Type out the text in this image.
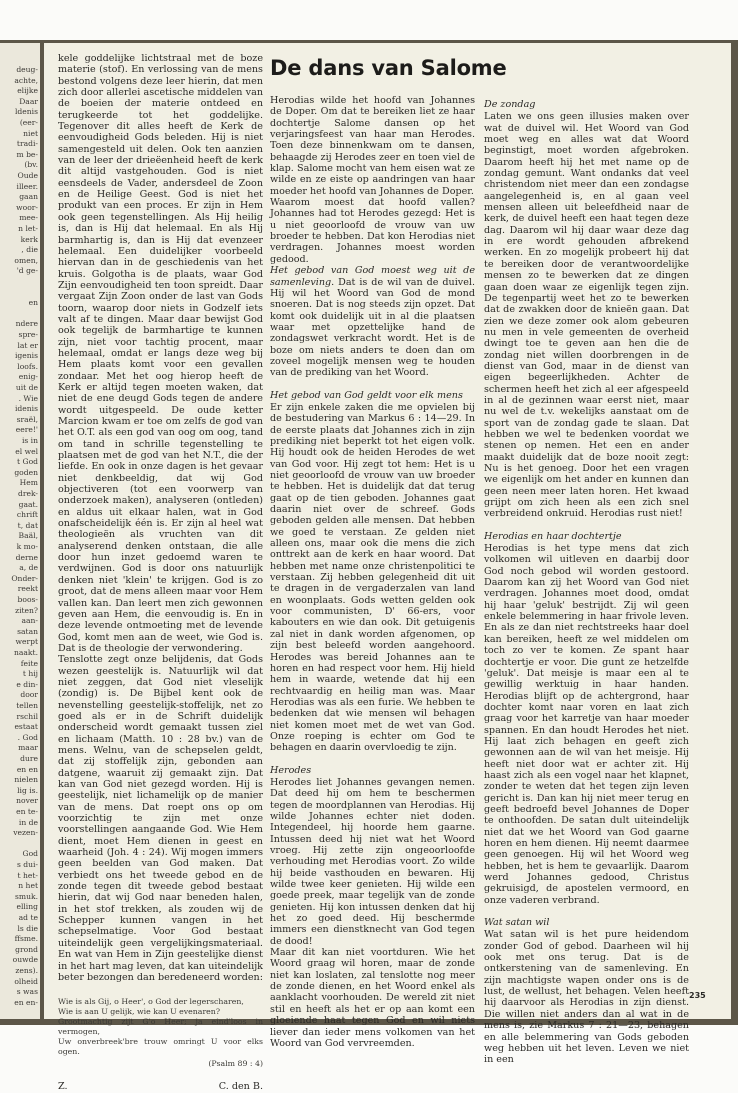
deug-
achte,
elijke
Daar
ldenis
(eer-
niet
tradi-
m be-
(bv.
Oude
illeer.
gaan
woor-
mee-
n let-
kerk
, die
omen,
'd ge-
en
ndere
spre-
lat er
igenis
loofs.
enig-
uit de
. Wie
idenis
sraël,
eere!'
is in
el wel
t God
goden
Hem
drek-
gaat.
chrift
t, dat
Baäl,
k mo-
derne
a, de
Onder-
reekt
boos-
ziten?
aan-
satan
werpt
naakt.
feite
t hij
e din-
door
tellen
rschil
estaat
. God
maar
dure
en en
nielen
lig is.
nover
en te-
in de
vezen-
God
s dui-
t het-
n het
smuk.
elling
ad te
ls die
ffsme.
grond
ouwde
zens).
olheid
s was
en en-

kele goddelijke lichtstraal met de boze materie (stof). En verlossing van de mens bestond volgens deze leer hierin, dat men zich door allerlei ascetische middelen van de boeien der materie ontdeed en terugkeerde tot het goddelijke. Tegenover dit alles heeft de Kerk de eenvoudigheid Gods beleden. Hij is niet samengesteld uit delen. Ook ten aanzien van de leer der drieëenheid heeft de kerk dit altijd vastgehouden. God is niet eensdeels de Vader, andersdeel de Zoon en de Heilige Geest. God is niet het produkt van een proces. Er zijn in Hem ook geen tegenstellingen. Als Hij heilig is, dan is Hij dat helemaal. En als Hij barmhartig is, dan is Hij dat evenzeer helemaal. Een duidelijker voorbeeld hiervan dan in de geschiedenis van het kruis. Golgotha is de plaats, waar God Zijn eenvoudigheid ten toon spreidt. Daar vergaat Zijn Zoon onder de last van Gods toorn, waarop door niets in Godzelf iets valt af te dingen. Maar daar bewijst God ook tegelijk de barmhartige te kunnen zijn, niet voor tachtig procent, maar helemaal, omdat er langs deze weg bij Hem plaats komt voor een gevallen zondaar. Met het oog hierop heeft de Kerk er altijd tegen moeten waken, dat niet de ene deugd Gods tegen de andere wordt uitgespeeld. De oude ketter Marcion kwam er toe om zelfs de god van het O.T. als een god van oog om oog, tand om tand in schrille tegenstelling te plaatsen met de god van het N.T., die der liefde. En ook in onze dagen is het gevaar niet denkbeeldig, dat wij God objectiveren (tot een voorwerp van onderzoek maken), analyseren (ontleden) en aldus uit elkaar halen, wat in God onafscheidelijk één is. Er zijn al heel wat theologieën als vruchten van dit analyserend denken ontstaan, die alle door hun inzet gedoemd waren te verdwijnen. God is door ons natuurlijk denken niet 'klein' te krijgen. God is zo groot, dat de mens alleen maar voor Hem vallen kan. Dan leert men zich gewonnen geven aan Hem, die eenvoudig is. En in deze levende ontmoeting met de levende God, komt men aan de weet, wie God is. Dat is de theologie der verwondering.

Tenslotte zegt onze belijdenis, dat Gods wezen geestelijk is. Natuurlijk wil dat niet zeggen, dat God niet vleselijk (zondig) is. De Bijbel kent ook de nevenstelling geestelijk-stoffelijk, net zo goed als er in de Schrift duidelijk onderscheid wordt gemaakt tussen ziel en lichaam (Matth. 10 : 28 bv.) van de mens. Welnu, van de schepselen geldt, dat zij stoffelijk zijn, gebonden aan datgene, waaruit zij gemaakt zijn. Dat kan van God niet gezegd worden. Hij is geestelijk, niet lichamelijk op de manier van de mens. Dat roept ons op om voorzichtig te zijn met onze voorstellingen aangaande God. Wie Hem dient, moet Hem dienen in geest en waarheid (Joh. 4 : 24). Wij mogen immers geen beelden van God maken. Dat verbiedt ons het tweede gebod en de zonde tegen dit tweede gebod bestaat hierin, dat wij God naar beneden halen, in het stof trekken, als zouden wij de Schepper kunnen vangen in het schepselmatige. Voor God bestaat uiteindelijk geen vergelijkingsmateriaal. En wat van Hem in Zijn geestelijke dienst in het hart mag leven, dat kan uiteindelijk beter bezongen dan beredeneerd worden:

Wie is als Gij, o Heer', o God der legerscharen,
Wie is aan U gelijk, wie kan U evenaren?
Grootmachtig zijt G'o Heer; ja eind'loos in vermogen,
Uw onverbreek'bre trouw omringt U voor elks ogen.
(Psalm 89 : 4)
Z.	C. den B.
De dans van Salome

Herodias wilde het hoofd van Johannes de Doper. Om dat te bereiken liet ze haar dochtertje Salome dansen op het verjaringsfeest van haar man Herodes. Toen deze binnenkwam om te dansen, behaagde zij Herodes zeer en toen viel de klap. Salome mocht van hem eisen wat ze wilde en ze eiste op aandringen van haar moeder het hoofd van Johannes de Doper.

Waarom moest dat hoofd vallen? Johannes had tot Herodes gezegd: Het is u niet geoorloofd de vrouw van uw broeder te hebben. Dat kon Herodias niet verdragen. Johannes moest worden gedood.

Het gebod van God moest weg uit de samenleving. Dat is de wil van de duivel. Hij wil het Woord van God de mond snoeren. Dat is nog steeds zijn opzet. Dat komt ook duidelijk uit in al die plaatsen waar met opzettelijke hand de zondagswet verkracht wordt. Het is de boze om niets anders te doen dan om zoveel mogelijk mensen weg te houden van de prediking van het Woord.

Het gebod van God geldt voor elk mens

Er zijn enkele zaken die me opvielen bij de bestudering van Markus 6 : 14—29. In de eerste plaats dat Johannes zich in zijn prediking niet beperkt tot het eigen volk. Hij houdt ook de heiden Herodes de wet van God voor. Hij zegt tot hem: Het is u niet geoorloofd de vrouw van uw broeder te hebben. Het is duidelijk dat dat terug gaat op de tien geboden. Johannes gaat daarin niet over de schreef. Gods geboden gelden alle mensen. Dat hebben we goed te verstaan. Ze gelden niet alleen ons, maar ook die mens die zich onttrekt aan de kerk en haar woord. Dat hebben met name onze christenpolitici te verstaan. Zij hebben gelegenheid dit uit te dragen in de vergaderzalen van land en woonplaats. Gods wetten gelden ook voor communisten, D' 66-ers, voor kabouters en wie dan ook. Dit getuigenis zal niet in dank worden afgenomen, op zijn best beleefd worden aangehoord. Herodes was bereid Johannes aan te horen en had respect voor hem. Hij hield hem in waarde, wetende dat hij een rechtvaardig en heilig man was. Maar Herodias was als een furie. We hebben te bedenken dat wie mensen wil behagen niet komen moet met de wet van God. Onze roeping is echter om God te behagen en daarin overvloedig te zijn.

Herodes

Herodes liet Johannes gevangen nemen. Dat deed hij om hem te beschermen tegen de moordplannen van Herodias. Hij wilde Johannes echter niet doden. Integendeel, hij hoorde hem gaarne. Intussen deed hij niet wat het Woord vroeg. Hij zette zijn ongeoorloofde verhouding met Herodias voort. Zo wilde hij beide vasthouden en bewaren. Hij wilde twee keer genieten. Hij wilde een goede preek, maar tegelijk van de zonde genieten. Hij kon intussen denken dat hij het zo goed deed. Hij beschermde immers een dienstknecht van God tegen de dood!

Maar dit kan niet voortduren. Wie het Woord graag wil horen, maar de zonde niet kan loslaten, zal tenslotte nog meer de zonde dienen, en het Woord enkel als aanklacht voorhouden. De wereld zit niet stil en heeft als het er op aan komt een gloeiende haat tegen God en wil niets liever dan ieder mens volkomen van het Woord van God vervreemden.

De zondag

Laten we ons geen illusies maken over wat de duivel wil. Het Woord van God moet weg en alles wat dat Woord beginstigt, moet worden afgebroken. Daarom heeft hij het met name op de zondag gemunt. Want ondanks dat veel christendom niet meer dan een zondagse aangelegenheid is, en al gaan veel mensen alleen uit beleefdheid naar de kerk, de duivel heeft een haat tegen deze dag. Daarom wil hij daar waar deze dag in ere wordt gehouden afbrekend werken. En zo mogelijk probeert hij dat te bereiken door de verantwoordelijke mensen zo te bewerken dat ze dingen gaan doen waar ze eigenlijk tegen zijn. De tegenpartij weet het zo te bewerken dat de zwakken door de knieën gaan. Dat zien we deze zomer ook alom gebeuren nu men in vele gemeenten de overheid dwingt toe te geven aan hen die de zondag niet willen doorbrengen in de dienst van God, maar in de dienst van eigen begeerlijkheden. Achter de schermen heeft het zich al eer afgespeeld in al de gezinnen waar eerst niet, maar nu wel de t.v. wekelijks aanstaat om de sport van de zondag gade te slaan. Dat hebben we wel te bedenken voordat we stenen op nemen. Het een en ander maakt duidelijk dat de boze nooit zegt: Nu is het genoeg. Door het een vragen we eigenlijk om het ander en kunnen dan geen neen meer laten horen. Het kwaad grijpt om zich heen als een zich snel verbreidend onkruid. Herodias rust niet!

Herodias en haar dochtertje

Herodias is het type mens dat zich volkomen wil uitleven en daarbij door God noch gebod wil worden gestoord. Daarom kan zij het Woord van God niet verdragen. Johannes moet dood, omdat hij haar 'geluk' bestrijdt. Zij wil geen enkele belemmering in haar frivole leven. En als ze dan niet rechtstreeks haar doel kan bereiken, heeft ze wel middelen om toch zo ver te komen. Ze spant haar dochtertje er voor. Die gunt ze hetzelfde 'geluk'. Dat meisje is maar een al te gewillig werktuig in haar handen. Herodias blijft op de achtergrond, haar dochter komt naar voren en laat zich graag voor het karretje van haar moeder spannen. En dan houdt Herodes het niet. Hij laat zich behagen en geeft zich gewonnen aan de wil van het meisje. Hij heeft niet door wat er achter zit. Hij haast zich als een vogel naar het klapnet, zonder te weten dat het tegen zijn leven gericht is. Dan kan hij niet meer terug en geeft bedroefd bevel Johannes de Doper te onthoofden. De satan dult uiteindelijk niet dat we het Woord van God gaarne horen en hem dienen. Hij neemt daarmee geen genoegen. Hij wil het Woord weg hebben, het is hem te gevaarlijk. Daarom werd Johannes gedood, Christus gekruisigd, de apostelen vermoord, en onze vaderen verbrand.

Wat satan wil

Wat satan wil is het pure heidendom zonder God of gebod. Daarheen wil hij ook met ons terug. Dat is de ontkerstening van de samenleving. En zijn machtigste wapen onder ons is de lust, de wellust, het behagen. Velen heeft hij daarvoor als Herodias in zijn dienst. Die willen niet anders dan al wat in de mens is, zie Markus 7 : 21—23, behagen en alle belemmering van Gods geboden weg hebben uit het leven. Leven we niet in een

235
